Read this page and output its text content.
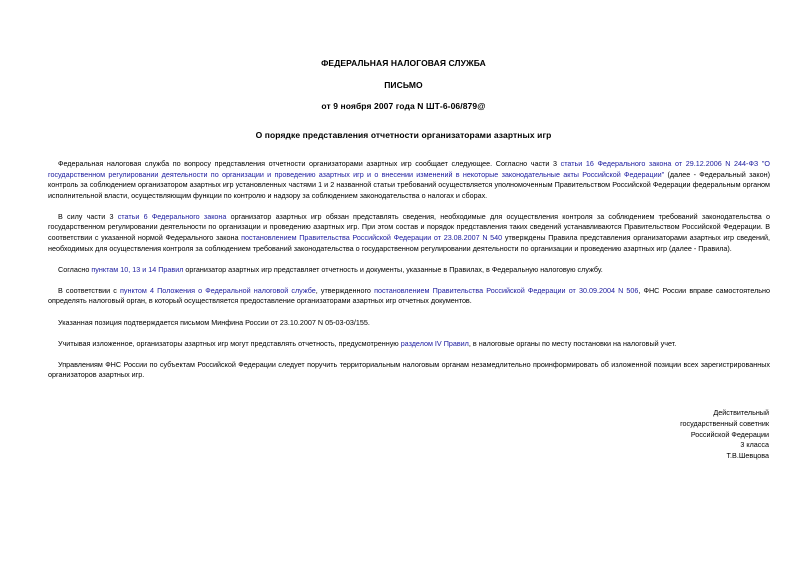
ФЕДЕРАЛЬНАЯ НАЛОГОВАЯ СЛУЖБА
ПИСЬМО
от 9 ноября 2007 года N ШТ-6-06/879@
О порядке представления отчетности организаторами азартных игр

Федеральная налоговая служба по вопросу представления отчетности организаторами азартных игр сообщает следующее. Согласно части 3 статьи 16 Федерального закона от 29.12.2006 N 244-ФЗ "О государственном регулировании деятельности по организации и проведению азартных игр и о внесении изменений в некоторые законодательные акты Российской Федерации" (далее - Федеральный закон) контроль за соблюдением организатором азартных игр установленных частями 1 и 2 названной статьи требований осуществляется уполномоченным Правительством Российской Федерации федеральным органом исполнительной власти, осуществляющим функции по контролю и надзору за соблюдением законодательства о налогах и сборах.

В силу части 3 статьи 6 Федерального закона организатор азартных игр обязан представлять сведения, необходимые для осуществления контроля за соблюдением требований законодательства о государственном регулировании деятельности по организации и проведению азартных игр. При этом состав и порядок представления таких сведений устанавливаются Правительством Российской Федерации. В соответствии с указанной нормой Федерального закона постановлением Правительства Российской Федерации от 23.08.2007 N 540 утверждены Правила представления организаторами азартных игр сведений, необходимых для осуществления контроля за соблюдением требований законодательства о государственном регулировании деятельности по организации и проведению азартных игр (далее - Правила).

Согласно пунктам 10, 13 и 14 Правил организатор азартных игр представляет отчетность и документы, указанные в Правилах, в Федеральную налоговую службу.

В соответствии с пунктом 4 Положения о Федеральной налоговой службе, утвержденного постановлением Правительства Российской Федерации от 30.09.2004 N 506, ФНС России вправе самостоятельно определять налоговый орган, в который осуществляется предоставление организаторами азартных игр отчетных документов.

Указанная позиция подтверждается письмом Минфина России от 23.10.2007 N 05-03-03/155.

Учитывая изложенное, организаторы азартных игр могут представлять отчетность, предусмотренную разделом IV Правил, в налоговые органы по месту постановки на налоговый учет.

Управлениям ФНС России по субъектам Российской Федерации следует поручить территориальным налоговым органам незамедлительно проинформировать об изложенной позиции всех зарегистрированных организаторов азартных игр.

Действительный
государственный советник
Российской Федерации
3 класса
Т.В.Шевцова
